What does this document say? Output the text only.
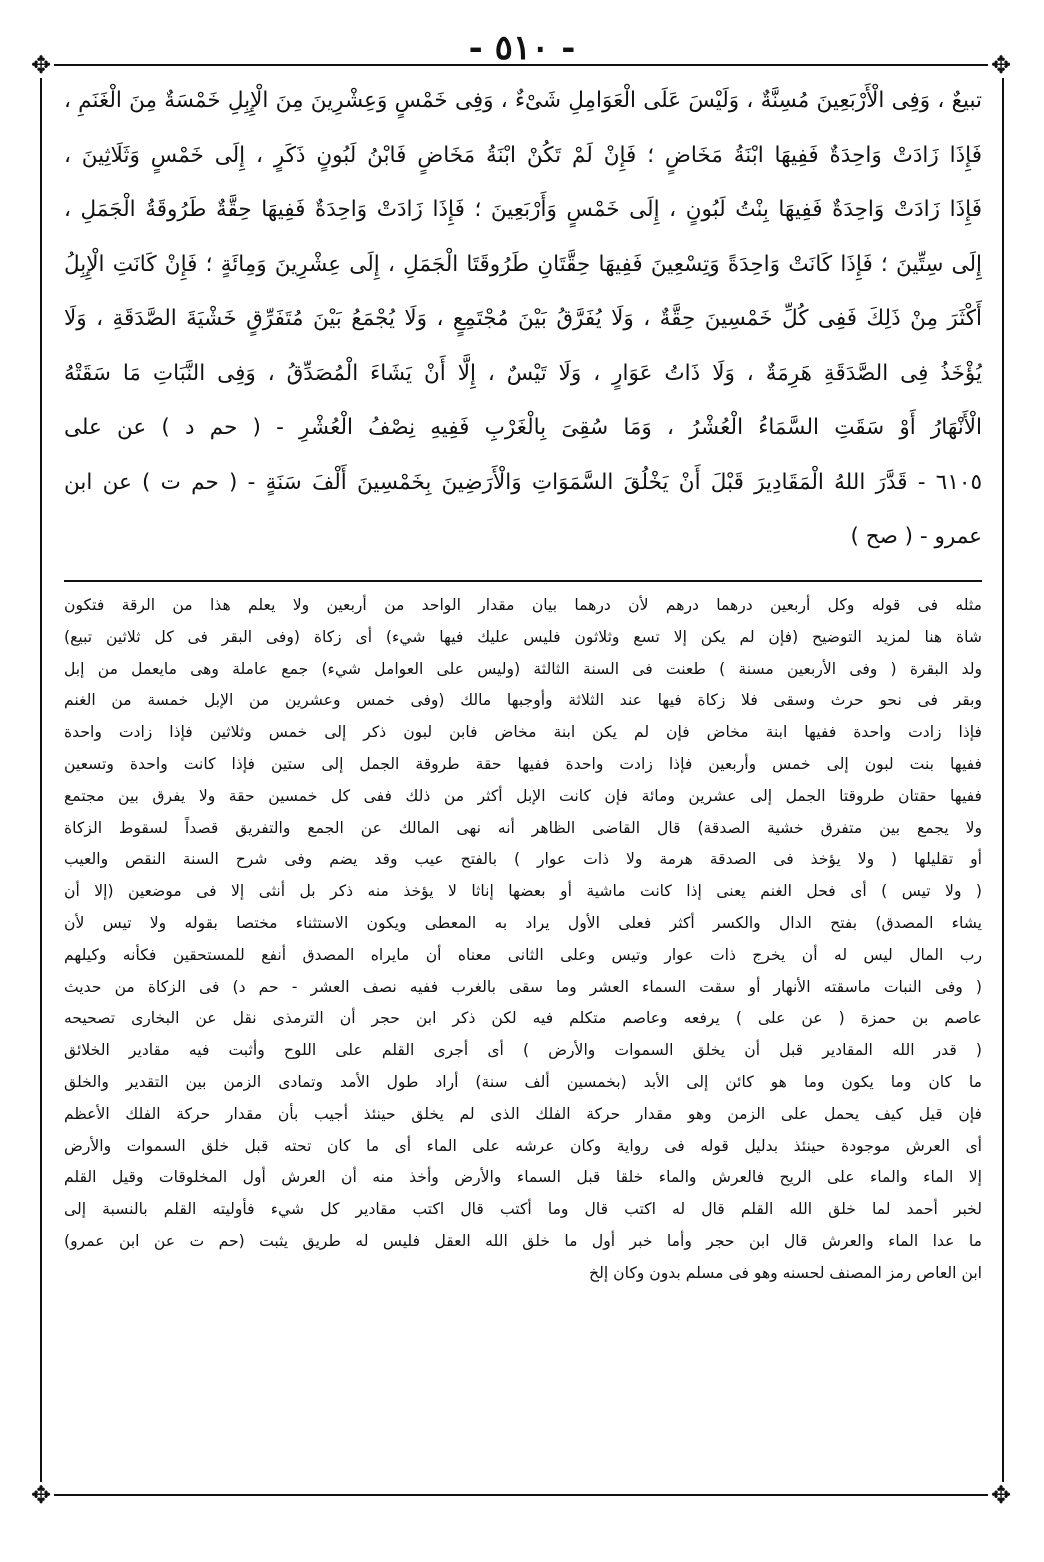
- ٥١٠ -
✥	✥
✥	✥
تبيعٌ ، وَفِى الْأَرْبَعِينَ مُسِنَّةٌ ، وَلَيْسَ عَلَى الْعَوَامِلِ شَىْءٌ ، وَفِى خَمْسٍ وَعِشْرِينَ مِنَ الْإِبِلِ خَمْسَةٌ مِنَ الْغَنَمِ ،
فَإِذَا زَادَتْ وَاحِدَةٌ فَفِيهَا ابْنَةُ مَخَاضٍ ؛ فَإِنْ لَمْ تَكُنْ ابْنَةُ مَخَاضٍ فَابْنُ لَبُونٍ ذَكَرٍ ، إِلَى خَمْسٍ وَثَلَاثِينَ ،
فَإِذَا زَادَتْ وَاحِدَةٌ فَفِيهَا بِنْتُ لَبُونٍ ، إِلَى خَمْسٍ وَأَرْبَعِينَ ؛ فَإِذَا زَادَتْ وَاحِدَةٌ فَفِيهَا حِقَّةٌ طَرُوقَةُ الْجَمَلِ ،
إِلَى سِتِّينَ ؛ فَإِذَا كَانَتْ وَاحِدَةً وَتِسْعِينَ فَفِيهَا حِقَّتَانِ طَرُوقَتَا الْجَمَلِ ، إِلَى عِشْرِينَ وَمِائَةٍ ؛ فَإِنْ كَانَتِ الْإِبِلُ
أَكْثَرَ مِنْ ذَلِكَ فَفِى كُلِّ خَمْسِينَ حِقَّةٌ ، وَلَا يُفَرَّقُ بَيْنَ مُجْتَمِعٍ ، وَلَا يُجْمَعُ بَيْنَ مُتَفَرِّقٍ خَشْيَةَ الصَّدَقَةِ ، وَلَا
يُؤْخَذُ فِى الصَّدَقَةِ هَرِمَةٌ ، وَلَا ذَاتُ عَوَارٍ ، وَلَا تَيْسٌ ، إِلَّا أَنْ يَشَاءَ الْمُصَدِّقُ ، وَفِى النَّبَاتِ مَا سَقَتْهُ
الْأَنْهَارُ أَوْ سَقَتِ السَّمَاءُ الْعُشْرُ ، وَمَا سُقِىَ بِالْغَرْبِ فَفِيهِ نِصْفُ الْعُشْرِ - ( حم د ) عن على
٦١٠٥ - قَدَّرَ اللهُ الْمَقَادِيرَ قَبْلَ أَنْ يَخْلُقَ السَّمَوَاتِ وَالْأَرَضِينَ بِخَمْسِينَ أَلْفَ سَنَةٍ - ( حم ت ) عن ابن
عمرو - ( صح )
مثله فى قوله وكل أربعين درهما درهم لأن درهما بيان مقدار الواحد من أربعين ولا يعلم هذا من الرقة فتكون
شاة هنا لمزيد التوضيح (فإن لم يكن إلا تسع وثلاثون فليس عليك فيها شيء) أى زكاة (وفى البقر فى كل ثلاثين تبيع)
ولد البقرة ( وفى الأربعين مسنة ) طعنت فى السنة الثالثة (وليس على العوامل شيء) جمع عاملة وهى مايعمل من إبل
وبقر فى نحو حرث وسقى فلا زكاة فيها عند الثلاثة وأوجبها مالك (وفى خمس وعشرين من الإبل خمسة من الغنم
فإذا زادت واحدة ففيها ابنة مخاض فإن لم يكن ابنة مخاض فابن لبون ذكر إلى خمس وثلاثين فإذا زادت واحدة
ففيها بنت لبون إلى خمس وأربعين فإذا زادت واحدة ففيها حقة طروقة الجمل إلى ستين فإذا كانت واحدة وتسعين
ففيها حقتان طروقتا الجمل إلى عشرين ومائة فإن كانت الإبل أكثر من ذلك ففى كل خمسين حقة ولا يفرق بين مجتمع
ولا يجمع بين متفرق خشية الصدقة) قال القاضى الظاهر أنه نهى المالك عن الجمع والتفريق قصداً لسقوط الزكاة
أو تقليلها ( ولا يؤخذ فى الصدقة هرمة ولا ذات عوار ) بالفتح عيب وقد يضم وفى شرح السنة النقص والعيب
( ولا تيس ) أى فحل الغنم يعنى إذا كانت ماشية أو بعضها إناثا لا يؤخذ منه ذكر بل أنثى إلا فى موضعين (إلا أن
يشاء المصدق) بفتح الدال والكسر أكثر فعلى الأول يراد به المعطى ويكون الاستثناء مختصا بقوله ولا تيس لأن
رب المال ليس له أن يخرج ذات عوار وتيس وعلى الثانى معناه أن مايراه المصدق أنفع للمستحقين فكأنه وكيلهم
( وفى النبات ماسقته الأنهار أو سقت السماء العشر وما سقى بالغرب ففيه نصف العشر - حم د) فى الزكاة من حديث
عاصم بن حمزة ( عن على ) يرفعه وعاصم متكلم فيه لكن ذكر ابن حجر أن الترمذى نقل عن البخارى تصحيحه
( قدر الله المقادير قبل أن يخلق السموات والأرض ) أى أجرى القلم على اللوح وأثبت فيه مقادير الخلائق
ما كان وما يكون وما هو كائن إلى الأبد (بخمسين ألف سنة) أراد طول الأمد وتمادى الزمن بين التقدير والخلق
فإن قيل كيف يحمل على الزمن وهو مقدار حركة الفلك الذى لم يخلق حينئذ أجيب بأن مقدار حركة الفلك الأعظم
أى العرش موجودة حينئذ بدليل قوله فى رواية وكان عرشه على الماء أى ما كان تحته قبل خلق السموات والأرض
إلا الماء والماء على الريح فالعرش والماء خلقا قبل السماء والأرض وأخذ منه أن العرش أول المخلوقات وقيل القلم
لخبر أحمد لما خلق الله القلم قال له اكتب قال وما أكتب قال اكتب مقادير كل شيء فأوليته القلم بالنسبة إلى
ما عدا الماء والعرش قال ابن حجر وأما خبر أول ما خلق الله العقل فليس له طريق يثبت (حم ت عن ابن عمرو)
ابن العاص رمز المصنف لحسنه وهو فى مسلم بدون وكان إلخ
